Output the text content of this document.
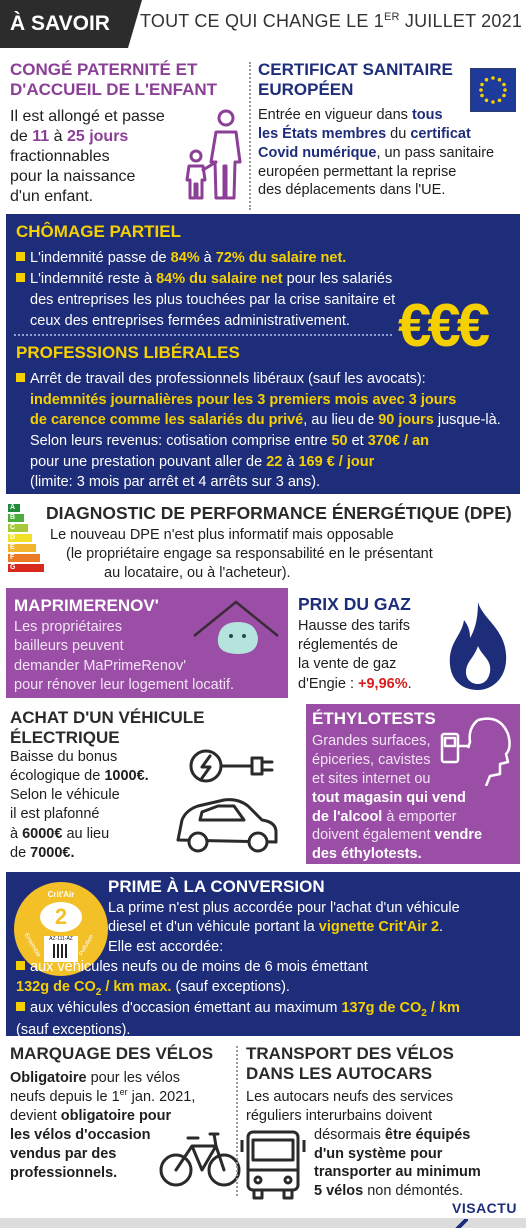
À SAVOIR	TOUT CE QUI CHANGE LE 1ER JUILLET 2021
CONGÉ PATERNITÉ ET
D'ACCUEIL DE L'ENFANT
Il est allongé et passe
de 11 à 25 jours
fractionnables
pour la naissance
d'un enfant.
CERTIFICAT SANITAIRE
EUROPÉEN
Entrée en vigueur dans tous
les États membres du certificat
Covid numérique, un pass sanitaire
européen permettant la reprise
des déplacements dans l'UE.
CHÔMAGE PARTIEL
L'indemnité passe de 84% à 72% du salaire net.
L'indemnité reste à 84% du salaire net pour les salariés
des entreprises les plus touchées par la crise sanitaire et
ceux des entreprises fermées administrativement. €€€
PROFESSIONS LIBÉRALES
Arrêt de travail des professionnels libéraux (sauf les avocats):
indemnités journalières pour les 3 premiers mois avec 3 jours
de carence comme les salariés du privé, au lieu de 90 jours jusque-là.
Selon leurs revenus: cotisation comprise entre 50 et 370€ / an
pour une prestation pouvant aller de 22 à 169 € / jour
(limite: 3 mois par arrêt et 4 arrêts sur 3 ans).
A
B
C
D
E
F
G
DIAGNOSTIC DE PERFORMANCE ÉNERGÉTIQUE (DPE)
Le nouveau DPE n'est plus informatif mais opposable
(le propriétaire engage sa responsabilité en le présentant
au locataire, ou à l'acheteur).
MAPRIMERENOV'
Les propriétaires
bailleurs peuvent
demander MaPrimeRenov'
pour rénover leur logement locatif.
PRIX DU GAZ
Hausse des tarifs
réglementés de
la vente de gaz
d'Engie : +9,96%.
ACHAT D'UN VÉHICULE
ÉLECTRIQUE
Baisse du bonus
écologique de 1000€.
Selon le véhicule
il est plafonné
à 6000€ au lieu
de 7000€.
ÉTHYLOTESTS
Grandes surfaces,
épiceries, cavistes
et sites internet ou
tout magasin qui vend
de l'alcool à emporter
doivent également vendre
des éthylotests.
Crit'Air
2
AZ-111-AZ
Ensemble	Pollution
PRIME À LA CONVERSION
La prime n'est plus accordée pour l'achat d'un véhicule
diesel et d'un véhicule portant la vignette Crit'Air 2.
Elle est accordée:
aux véhicules neufs ou de moins de 6 mois émettant
132g de $CO_2$ / km max. (sauf exceptions).
aux véhicules d'occasion émettant au maximum 137g de $CO_2$ / km
(sauf exceptions).
MARQUAGE DES VÉLOS
Obligatoire pour les vélos
neufs depuis le 1er jan. 2021,
devient obligatoire pour
les vélos d'occasion
vendus par des
professionnels.
TRANSPORT DES VÉLOS
DANS LES AUTOCARS
Les autocars neufs des services
réguliers interurbains doivent
désormais être équipés
d'un système pour
transporter au minimum
5 vélos non démontés.
VISACTU
